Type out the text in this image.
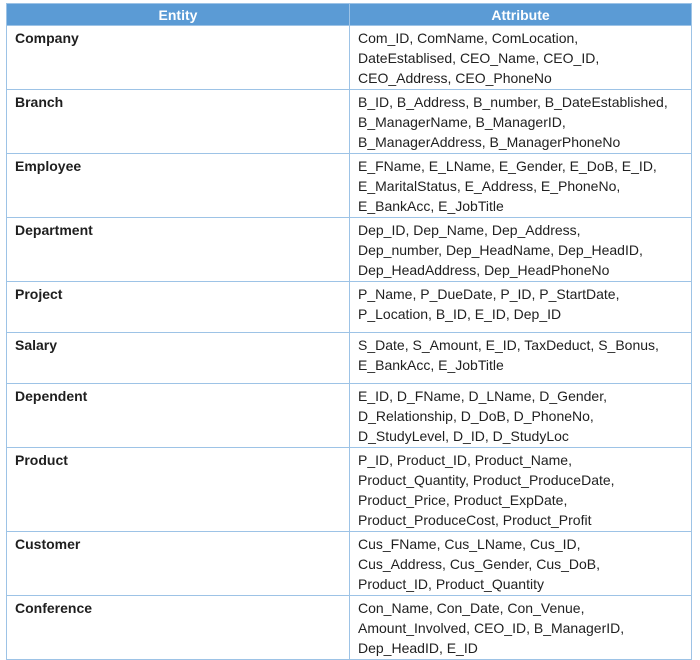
Entity	Attribute
Company	Com_ID, ComName, ComLocation,
DateEstablised, CEO_Name, CEO_ID,
CEO_Address, CEO_PhoneNo

Branch	B_ID, B_Address, B_number, B_DateEstablished,
B_ManagerName, B_ManagerID,
B_ManagerAddress, B_ManagerPhoneNo

Employee	E_FName, E_LName, E_Gender, E_DoB, E_ID,
E_MaritalStatus, E_Address, E_PhoneNo,
E_BankAcc, E_JobTitle

Department	Dep_ID, Dep_Name, Dep_Address,
Dep_number, Dep_HeadName, Dep_HeadID,
Dep_HeadAddress, Dep_HeadPhoneNo

Project	P_Name, P_DueDate, P_ID, P_StartDate,
P_Location, B_ID, E_ID, Dep_ID

Salary	S_Date, S_Amount, E_ID, TaxDeduct, S_Bonus,
E_BankAcc, E_JobTitle

Dependent	E_ID, D_FName, D_LName, D_Gender,
D_Relationship, D_DoB, D_PhoneNo,
D_StudyLevel, D_ID, D_StudyLoc

Product	P_ID, Product_ID, Product_Name,
Product_Quantity, Product_ProduceDate,
Product_Price, Product_ExpDate,
Product_ProduceCost, Product_Profit

Customer	Cus_FName, Cus_LName, Cus_ID,
Cus_Address, Cus_Gender, Cus_DoB,
Product_ID, Product_Quantity

Conference	Con_Name, Con_Date, Con_Venue,
Amount_Involved, CEO_ID, B_ManagerID,
Dep_HeadID, E_ID
